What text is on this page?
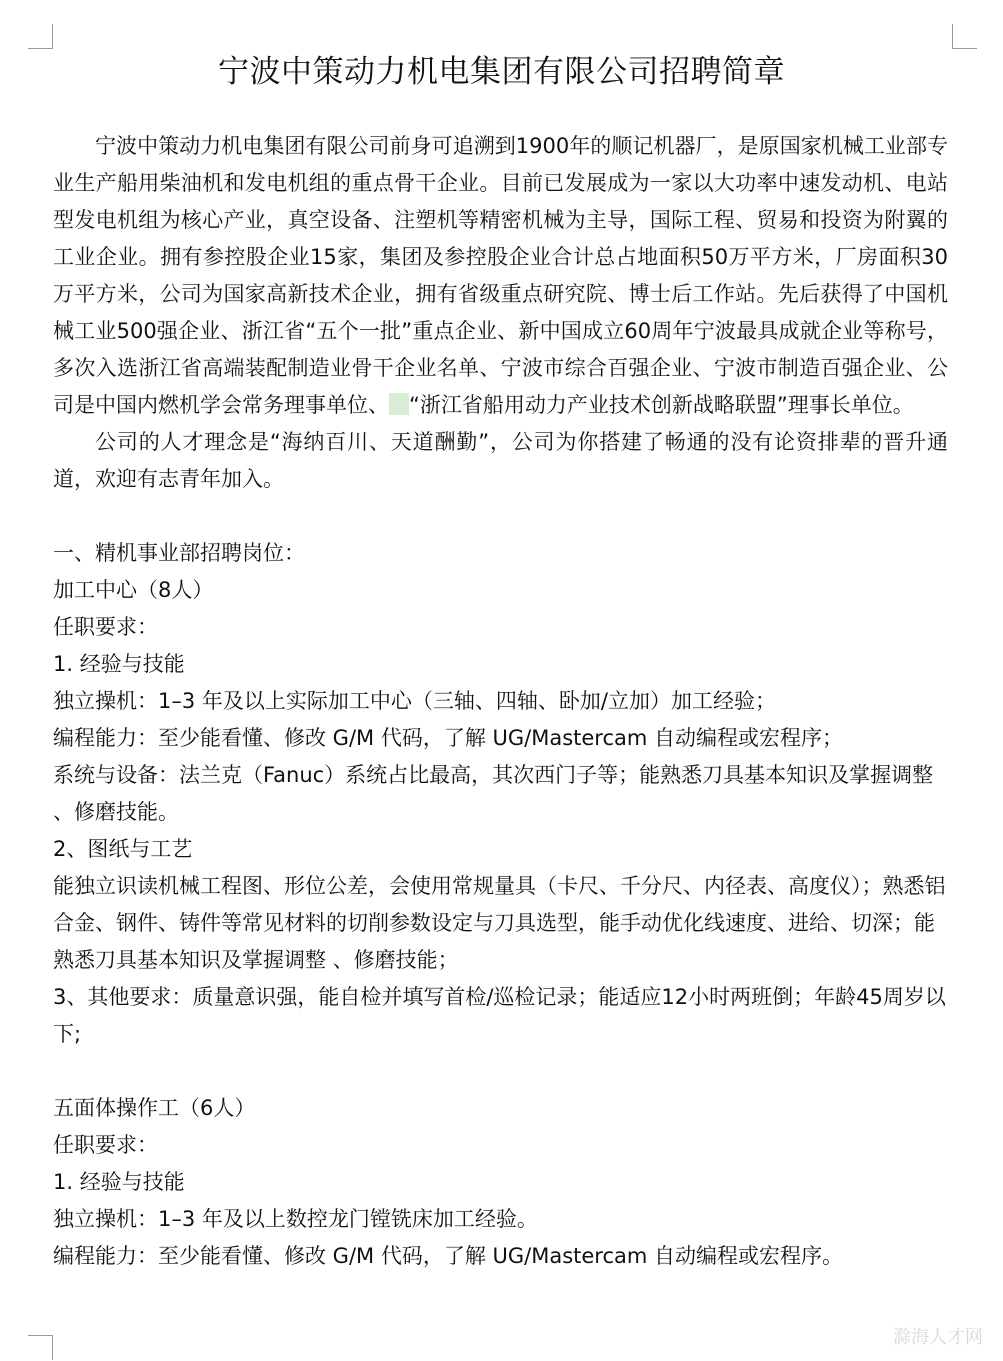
宁波中策动力机电集团有限公司招聘简章

宁波中策动力机电集团有限公司前身可追溯到1900年的顺记机器厂，是原国家机械工业部专业生产船用柴油机和发电机组的重点骨干企业。目前已发展成为一家以大功率中速发动机、电站型发电机组为核心产业，真空设备、注塑机等精密机械为主导，国际工程、贸易和投资为附翼的工业企业。拥有参控股企业15家，集团及参控股企业合计总占地面积50万平方米，厂房面积30万平方米，公司为国家高新技术企业，拥有省级重点研究院、博士后工作站。先后获得了中国机械工业500强企业、浙江省“五个一批”重点企业、新中国成立60周年宁波最具成就企业等称号，多次入选浙江省高端装配制造业骨干企业名单、宁波市综合百强企业、宁波市制造百强企业、公司是中国内燃机学会常务理事单位、 “浙江省船用动力产业技术创新战略联盟”理事长单位。

公司的人才理念是“海纳百川、天道酬勤”，公司为你搭建了畅通的没有论资排辈的晋升通道，欢迎有志青年加入。

一、精机事业部招聘岗位：

加工中心（8人）

任职要求：

1. 经验与技能

独立操机：1–3 年及以上实际加工中心（三轴、四轴、卧加/立加）加工经验；

编程能力：至少能看懂、修改 G/M 代码，了解 UG/Mastercam 自动编程或宏程序；

系统与设备：法兰克（Fanuc）系统占比最高，其次西门子等；能熟悉刀具基本知识及掌握调整 、修磨技能。

2、图纸与工艺

能独立识读机械工程图、形位公差，会使用常规量具（卡尺、千分尺、内径表、高度仪）；熟悉铝合金、钢件、铸件等常见材料的切削参数设定与刀具选型，能手动优化线速度、进给、切深；能熟悉刀具基本知识及掌握调整 、修磨技能；

3、其他要求：质量意识强，能自检并填写首检/巡检记录；能适应12小时两班倒；年龄45周岁以下;

五面体操作工（6人）

任职要求：

1. 经验与技能

独立操机：1–3 年及以上数控龙门镗铣床加工经验。

编程能力：至少能看懂、修改 G/M 代码，了解 UG/Mastercam 自动编程或宏程序。

滁海人才网
